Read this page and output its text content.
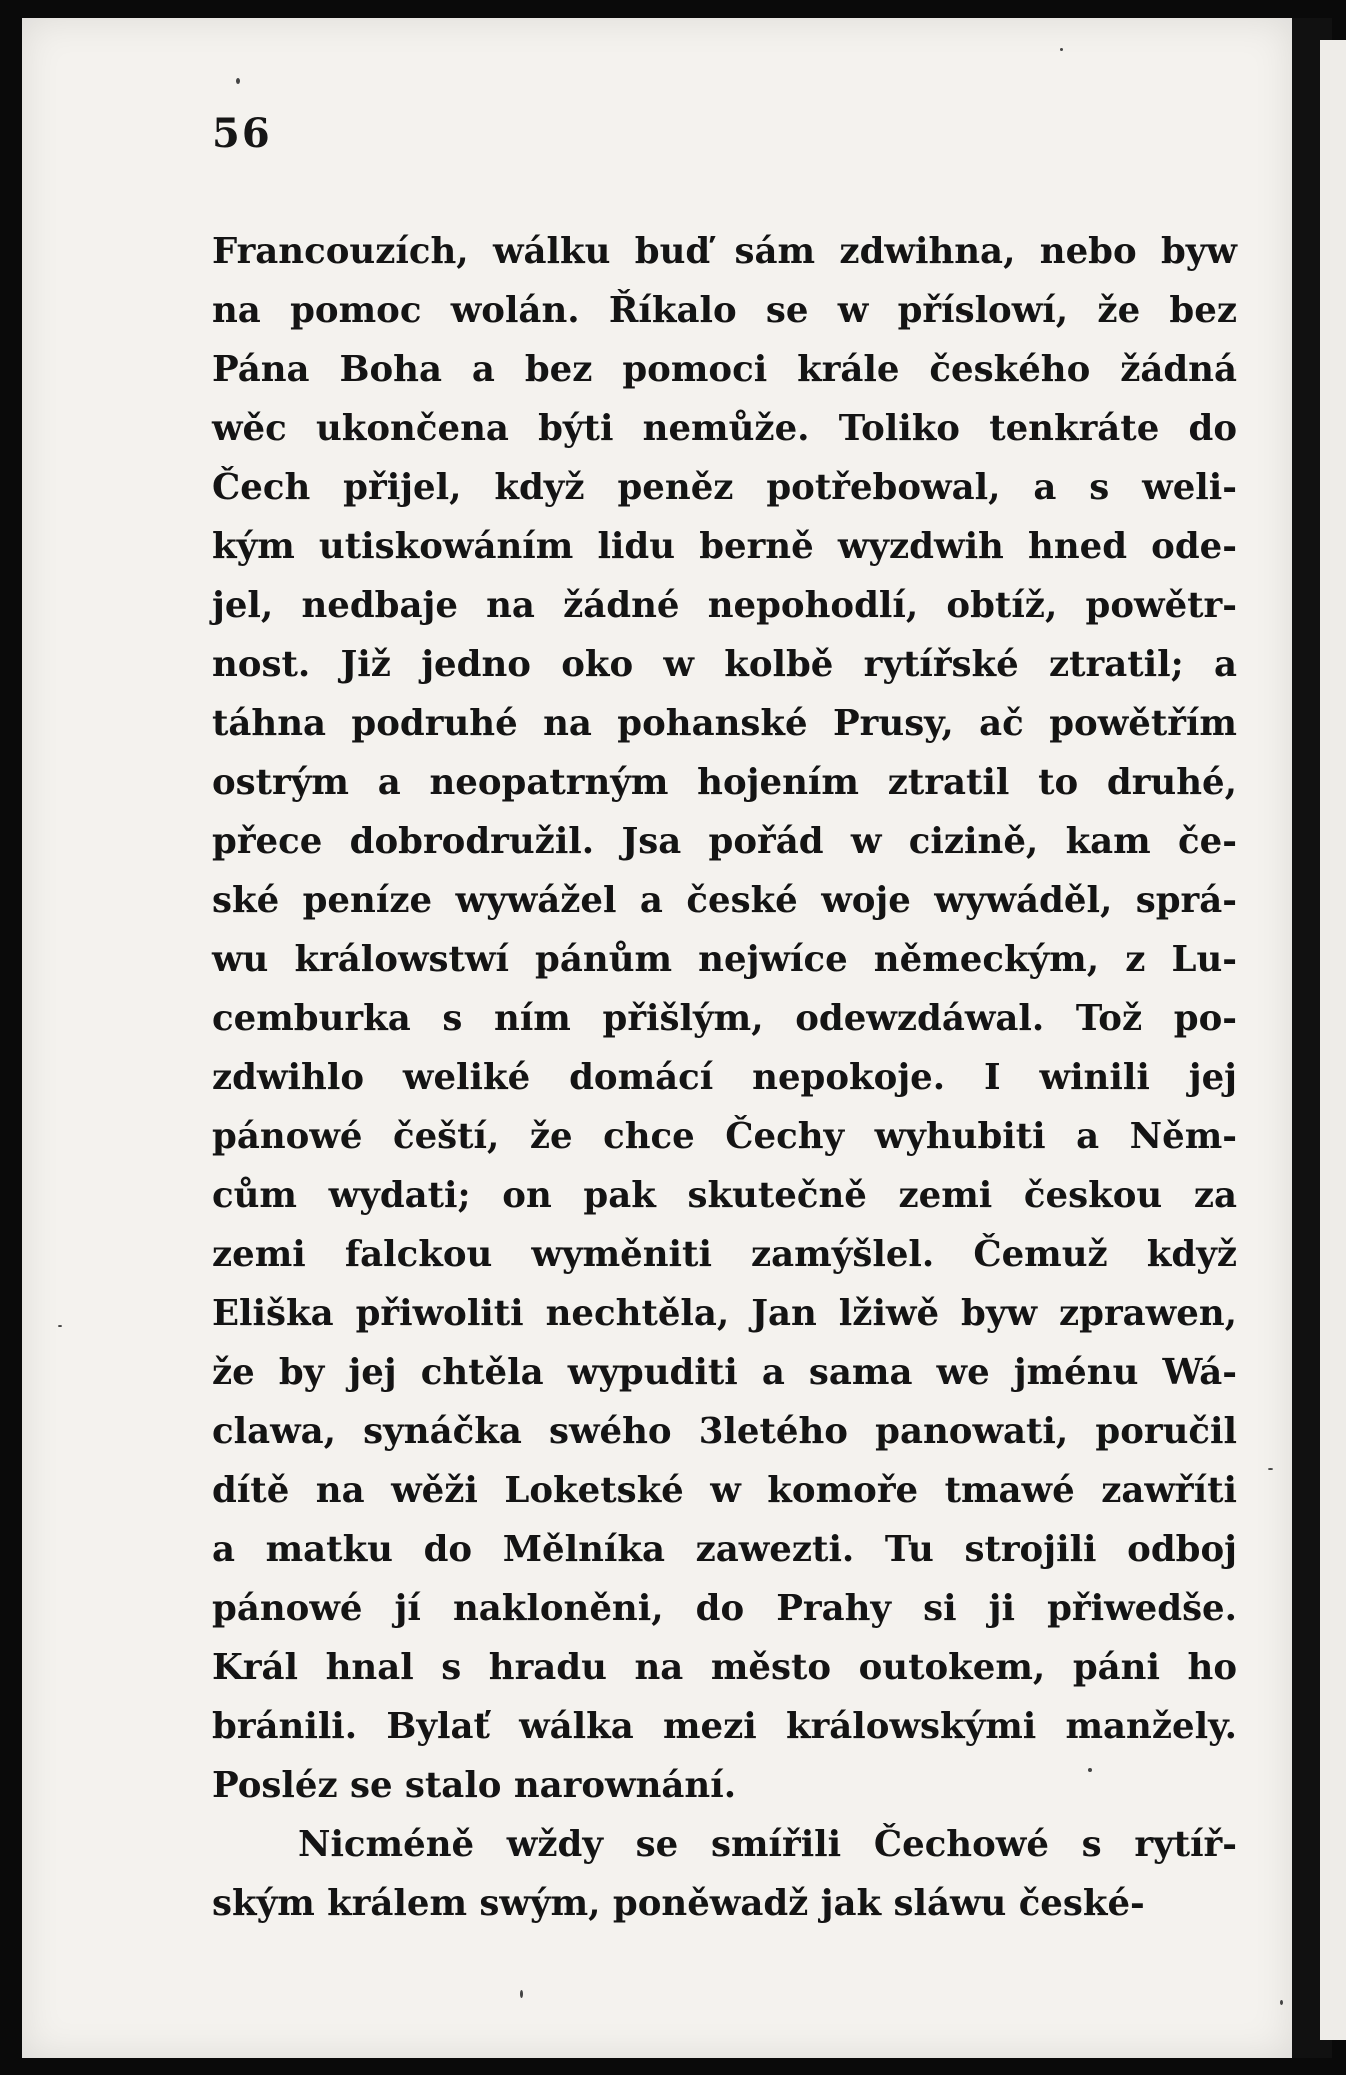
56
Francouzích, wálku buď sám zdwihna, nebo byw
na pomoc wolán. Říkalo se w příslowí, že bez
Pána Boha a bez pomoci krále českého žádná
wěc ukončena býti nemůže. Toliko tenkráte do
Čech přijel, když peněz potřebowal, a s weli-
kým utiskowáním lidu berně wyzdwih hned ode-
jel, nedbaje na žádné nepohodlí, obtíž, powětr-
nost. Již jedno oko w kolbě rytířské ztratil; a
táhna podruhé na pohanské Prusy, ač powětřím
ostrým a neopatrným hojením ztratil to druhé,
přece dobrodružil. Jsa pořád w cizině, kam če-
ské peníze wywážel a české woje wywáděl, sprá-
wu králowstwí pánům nejwíce německým, z Lu-
cemburka s ním přišlým, odewzdáwal. Tož po-
zdwihlo weliké domácí nepokoje. I winili jej
pánowé čeští, že chce Čechy wyhubiti a Něm-
cům wydati; on pak skutečně zemi českou za
zemi falckou wyměniti zamýšlel. Čemuž když
Eliška přiwoliti nechtěla, Jan lžiwě byw zprawen,
že by jej chtěla wypuditi a sama we jménu Wá-
clawa, synáčka swého 3letého panowati, poručil
dítě na wěži Loketské w komoře tmawé zawříti
a matku do Mělníka zawezti. Tu strojili odboj
pánowé jí nakloněni, do Prahy si ji přiwedše.
Král hnal s hradu na město outokem, páni ho
bránili. Bylať wálka mezi králowskými manžely.
Posléz se stalo narownání.
Nicméně wždy se smířili Čechowé s rytíř-
ským králem swým, poněwadž jak sláwu české-
